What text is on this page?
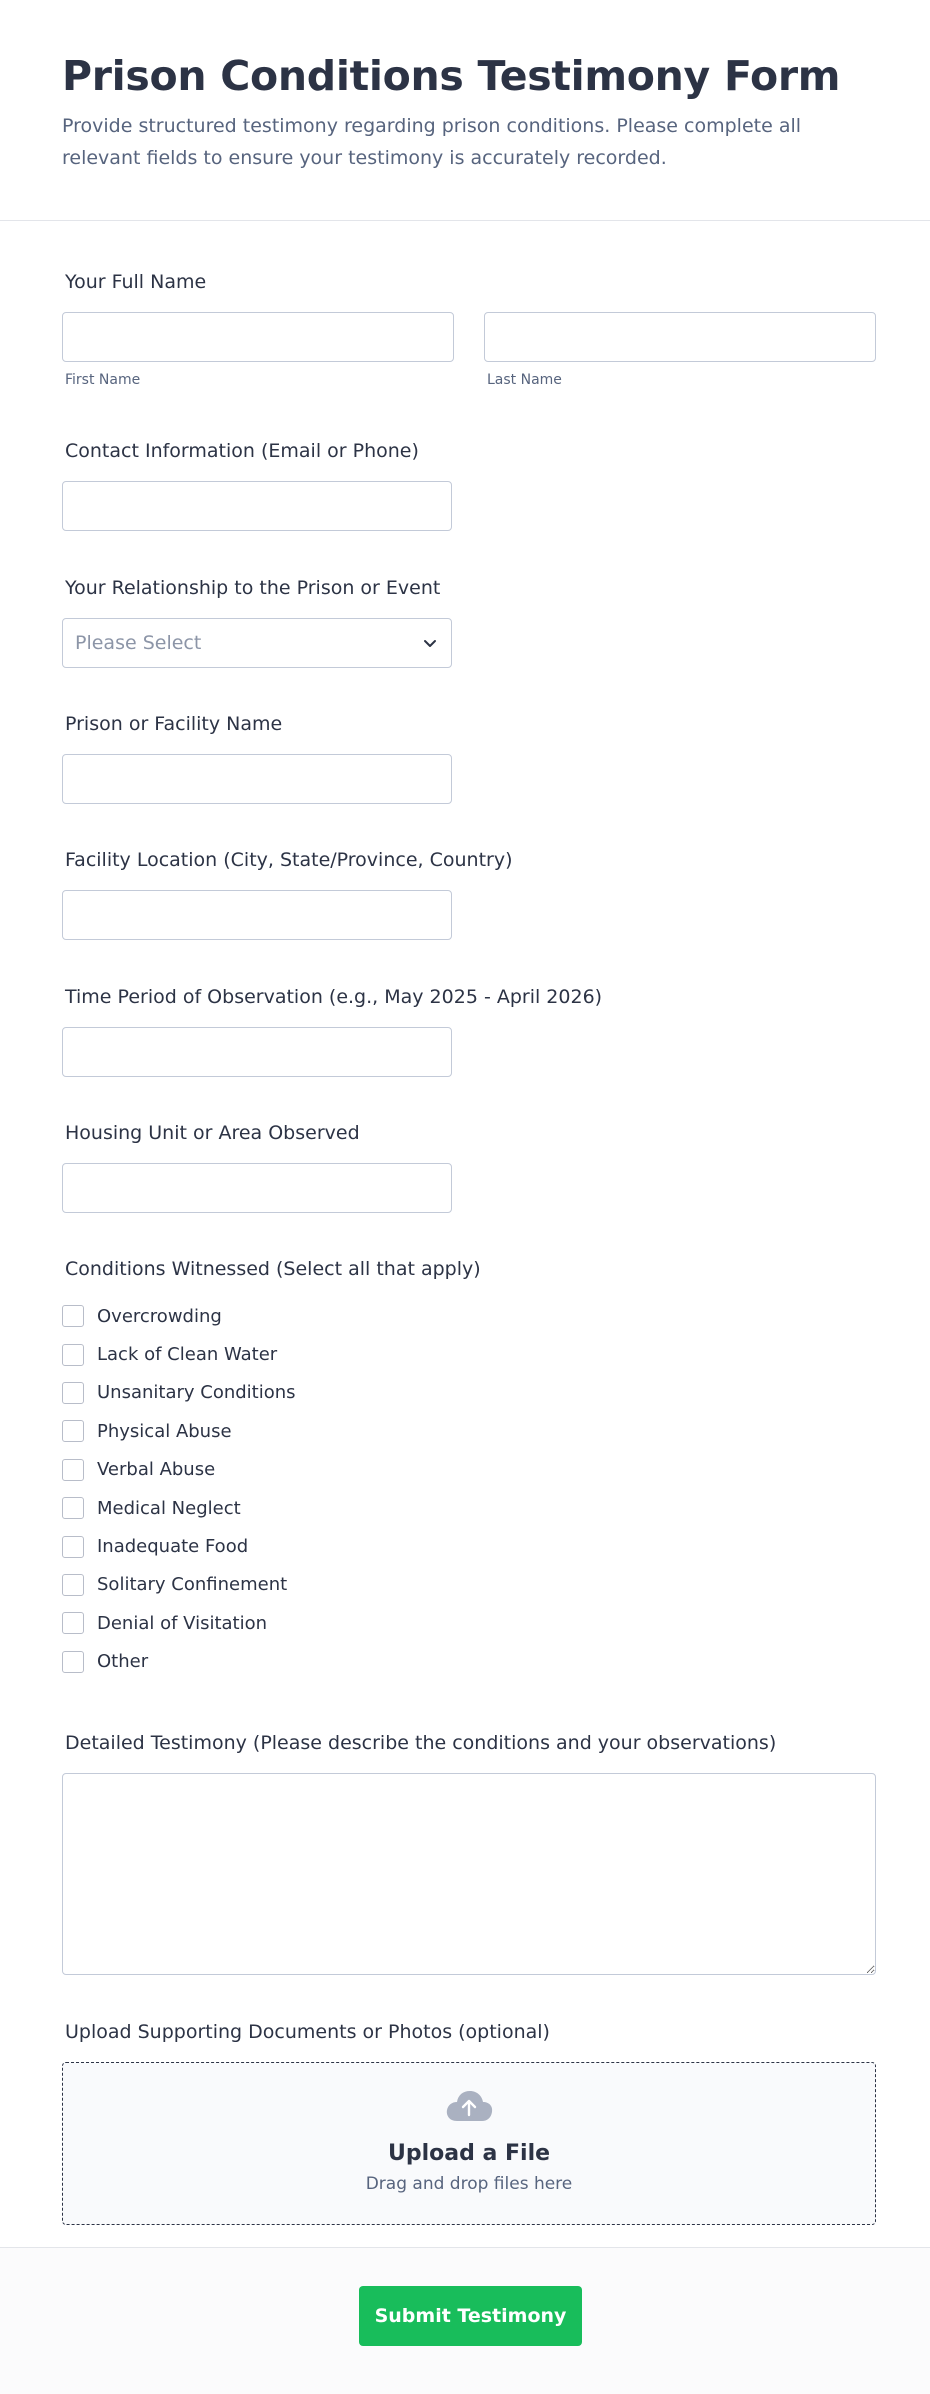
Prison Conditions Testimony Form

Provide structured testimony regarding prison conditions. Please complete all relevant fields to ensure your testimony is accurately recorded.

Your Full Name
First Name	Last Name
Contact Information (Email or Phone)
Your Relationship to the Prison or Event
Please Select
Prison or Facility Name
Facility Location (City, State/Province, Country)
Time Period of Observation (e.g., May 2025 - April 2026)
Housing Unit or Area Observed
Conditions Witnessed (Select all that apply)
Overcrowding
Lack of Clean Water
Unsanitary Conditions
Physical Abuse
Verbal Abuse
Medical Neglect
Inadequate Food
Solitary Confinement
Denial of Visitation
Other
Detailed Testimony (Please describe the conditions and your observations)
Upload Supporting Documents or Photos (optional)
Upload a File
Drag and drop files here
Submit Testimony
